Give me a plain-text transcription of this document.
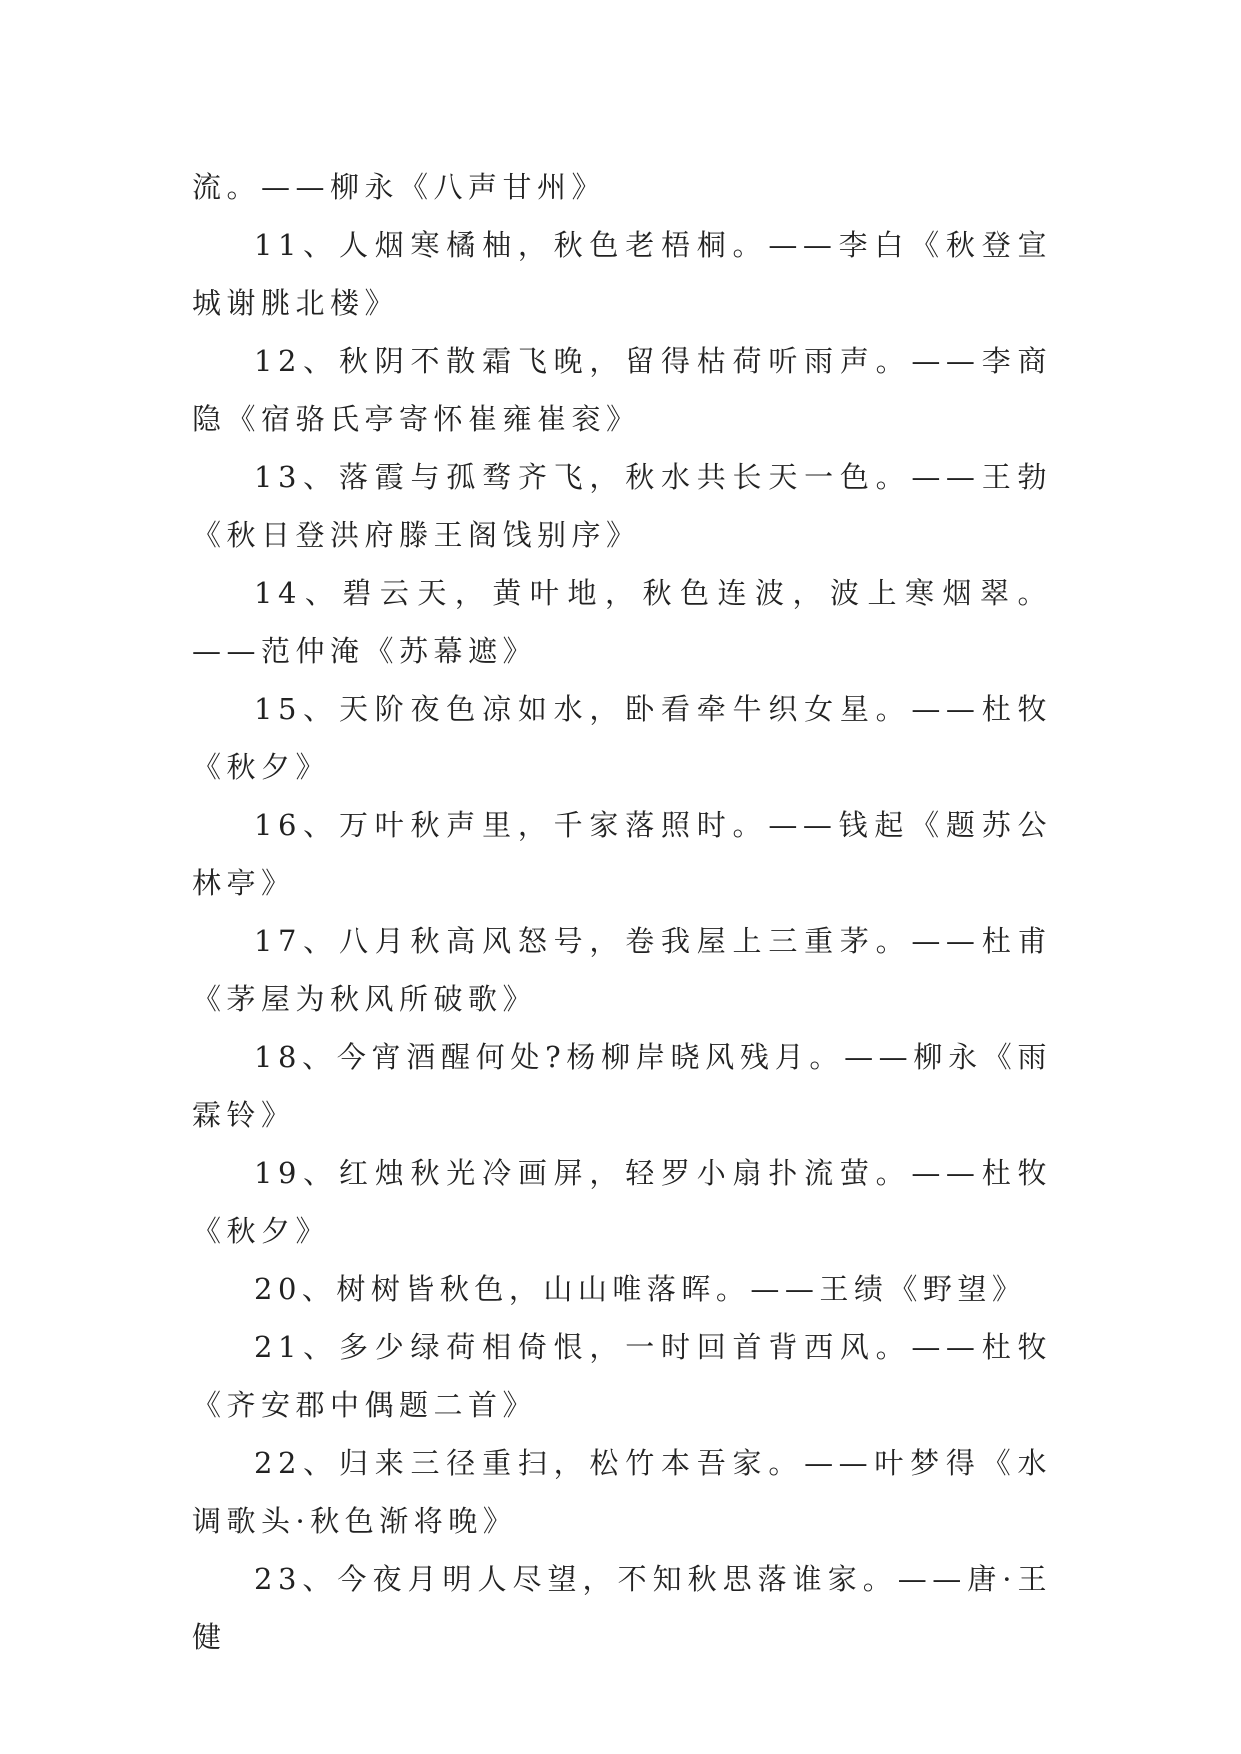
流。——柳永《八声甘州》

11、人烟寒橘柚，秋色老梧桐。——李白《秋登宣城谢朓北楼》

12、秋阴不散霜飞晚，留得枯荷听雨声。——李商隐《宿骆氏亭寄怀崔雍崔衮》

13、落霞与孤骛齐飞，秋水共长天一色。——王勃《秋日登洪府滕王阁饯别序》

14、碧云天，黄叶地，秋色连波，波上寒烟翠。——范仲淹《苏幕遮》

15、天阶夜色凉如水，卧看牵牛织女星。——杜牧《秋夕》

16、万叶秋声里，千家落照时。——钱起《题苏公林亭》

17、八月秋高风怒号，卷我屋上三重茅。——杜甫《茅屋为秋风所破歌》

18、今宵酒醒何处?杨柳岸晓风残月。——柳永《雨霖铃》

19、红烛秋光冷画屏，轻罗小扇扑流萤。——杜牧《秋夕》

20、树树皆秋色，山山唯落晖。——王绩《野望》

21、多少绿荷相倚恨，一时回首背西风。——杜牧《齐安郡中偶题二首》

22、归来三径重扫，松竹本吾家。——叶梦得《水调歌头·秋色渐将晚》

23、今夜月明人尽望，不知秋思落谁家。——唐·王健
